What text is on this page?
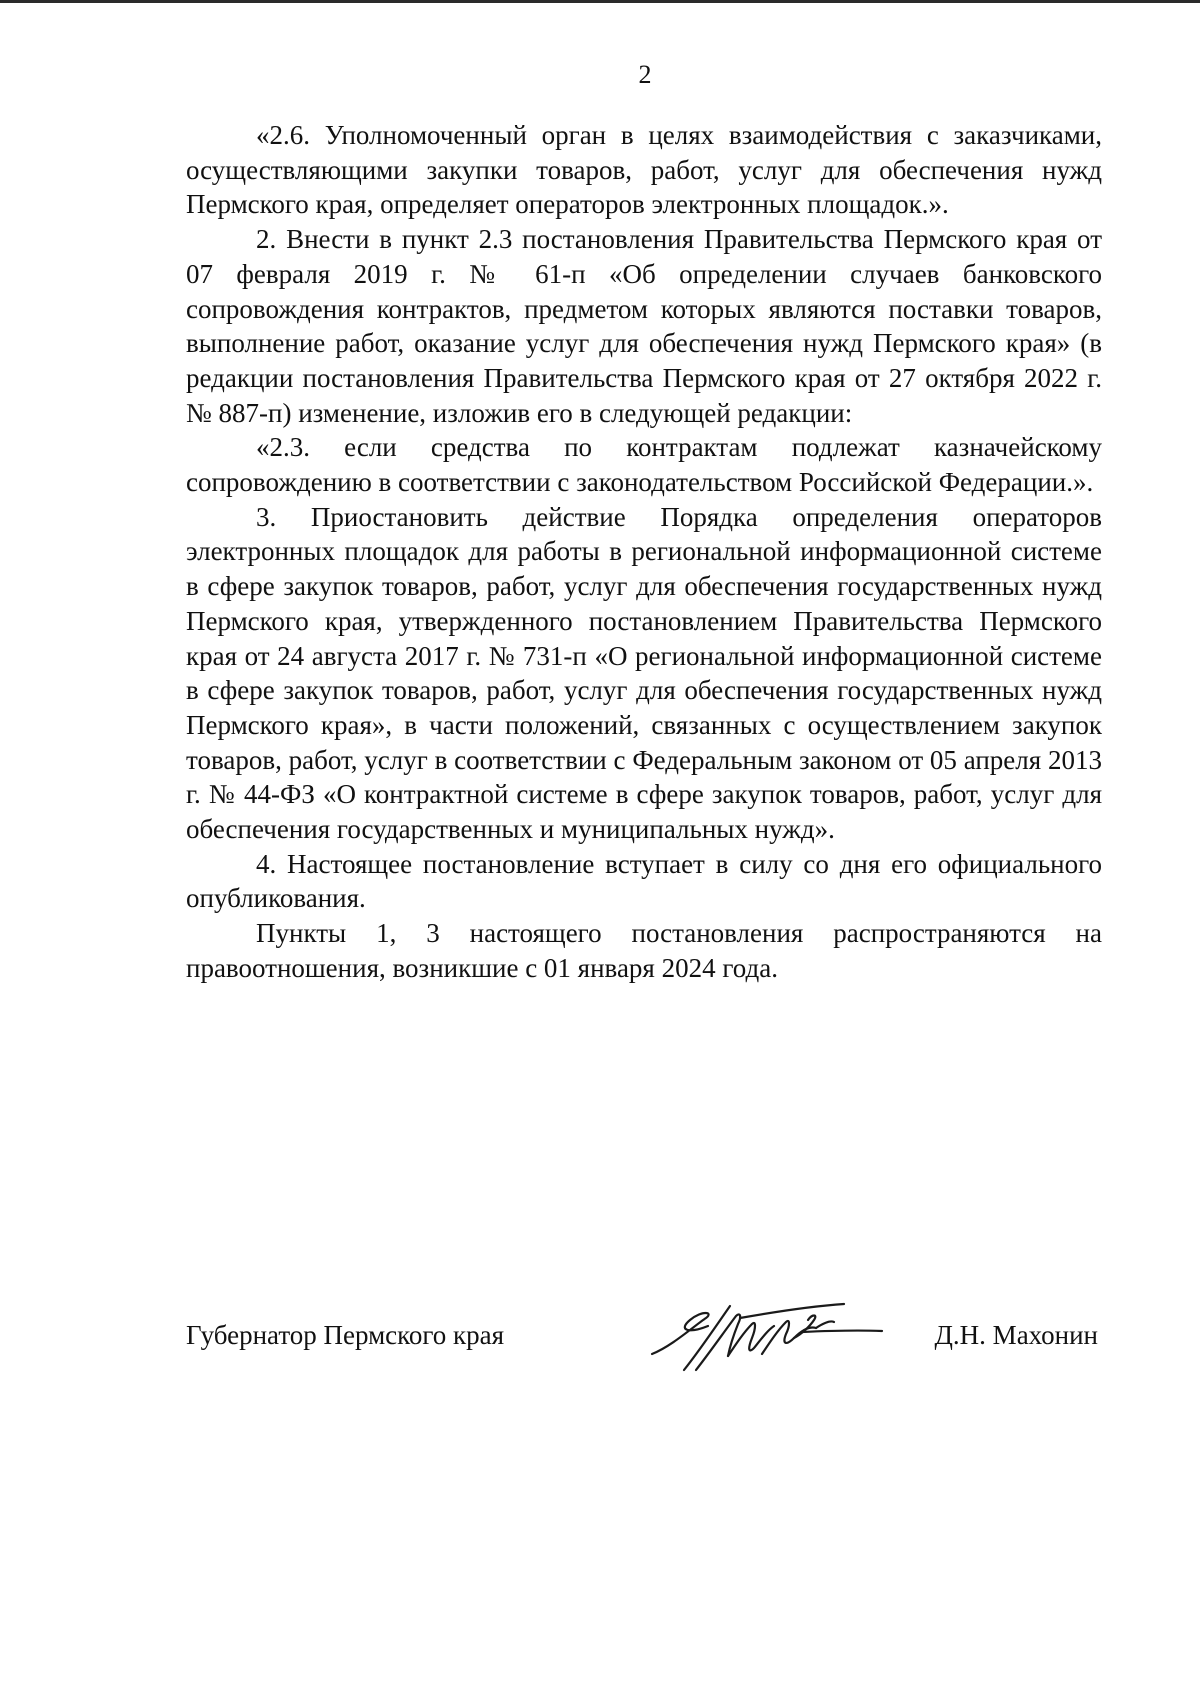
2

«2.6. Уполномоченный орган в целях взаимодействия с заказчиками, осуществляющими закупки товаров, работ, услуг для обеспечения нужд Пермского края, определяет операторов электронных площадок.».

2. Внести в пункт 2.3 постановления Правительства Пермского края от 07 февраля 2019 г. № 61-п «Об определении случаев банковского сопровождения контрактов, предметом которых являются поставки товаров, выполнение работ, оказание услуг для обеспечения нужд Пермского края» (в редакции постановления Правительства Пермского края от 27 октября 2022 г. № 887-п) изменение, изложив его в следующей редакции:

«2.3. если средства по контрактам подлежат казначейскому сопровождению в соответствии с законодательством Российской Федерации.».

3. Приостановить действие Порядка определения операторов электронных площадок для работы в региональной информационной системе в сфере закупок товаров, работ, услуг для обеспечения государственных нужд Пермского края, утвержденного постановлением Правительства Пермского края от 24 августа 2017 г. № 731-п «О региональной информационной системе в сфере закупок товаров, работ, услуг для обеспечения государственных нужд Пермского края», в части положений, связанных с осуществлением закупок товаров, работ, услуг в соответствии с Федеральным законом от 05 апреля 2013 г. № 44-ФЗ «О контрактной системе в сфере закупок товаров, работ, услуг для обеспечения государственных и муниципальных нужд».

4. Настоящее постановление вступает в силу со дня его официального опубликования.

Пункты 1, 3 настоящего постановления распространяются на правоотношения, возникшие с 01 января 2024 года.

Губернатор Пермского края	Д.Н. Махонин
